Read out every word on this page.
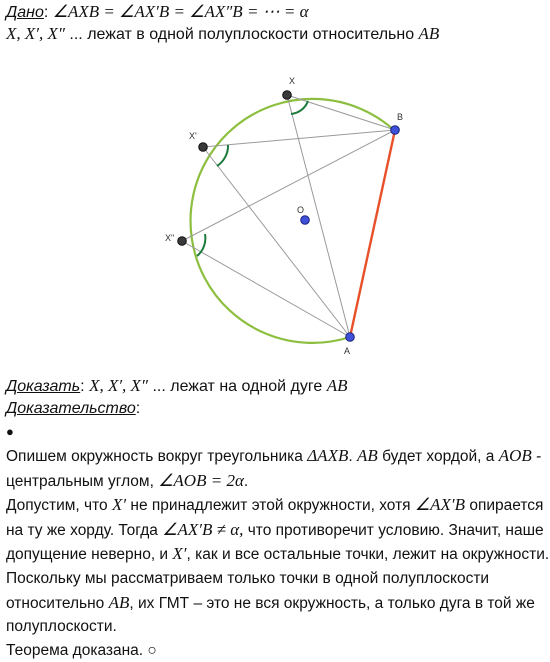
Дано: ∠AXB = ∠AX′B = ∠AX″B = ⋯ = α
X, X′, X″ ... лежат в одной полуплоскости относительно AB
X
X'
X"
B
O
A
Доказать: X, X′, X″ ... лежат на одной дуге AB
Доказательство:
●
Опишем окружность вокруг треугольника ΔAXB. AB будет хордой, а AOB -
центральным углом, ∠AOB = 2α.
Допустим, что X′ не принадлежит этой окружности, хотя ∠AX′B опирается
на ту же хорду. Тогда ∠AX′B ≠ α, что противоречит условию. Значит, наше
допущение неверно, и X′, как и все остальные точки, лежит на окружности.
Поскольку мы рассматриваем только точки в одной полуплоскости
относительно AB, их ГМТ – это не вся окружность, а только дуга в той же
полуплоскости.
Теорема доказана. ○
